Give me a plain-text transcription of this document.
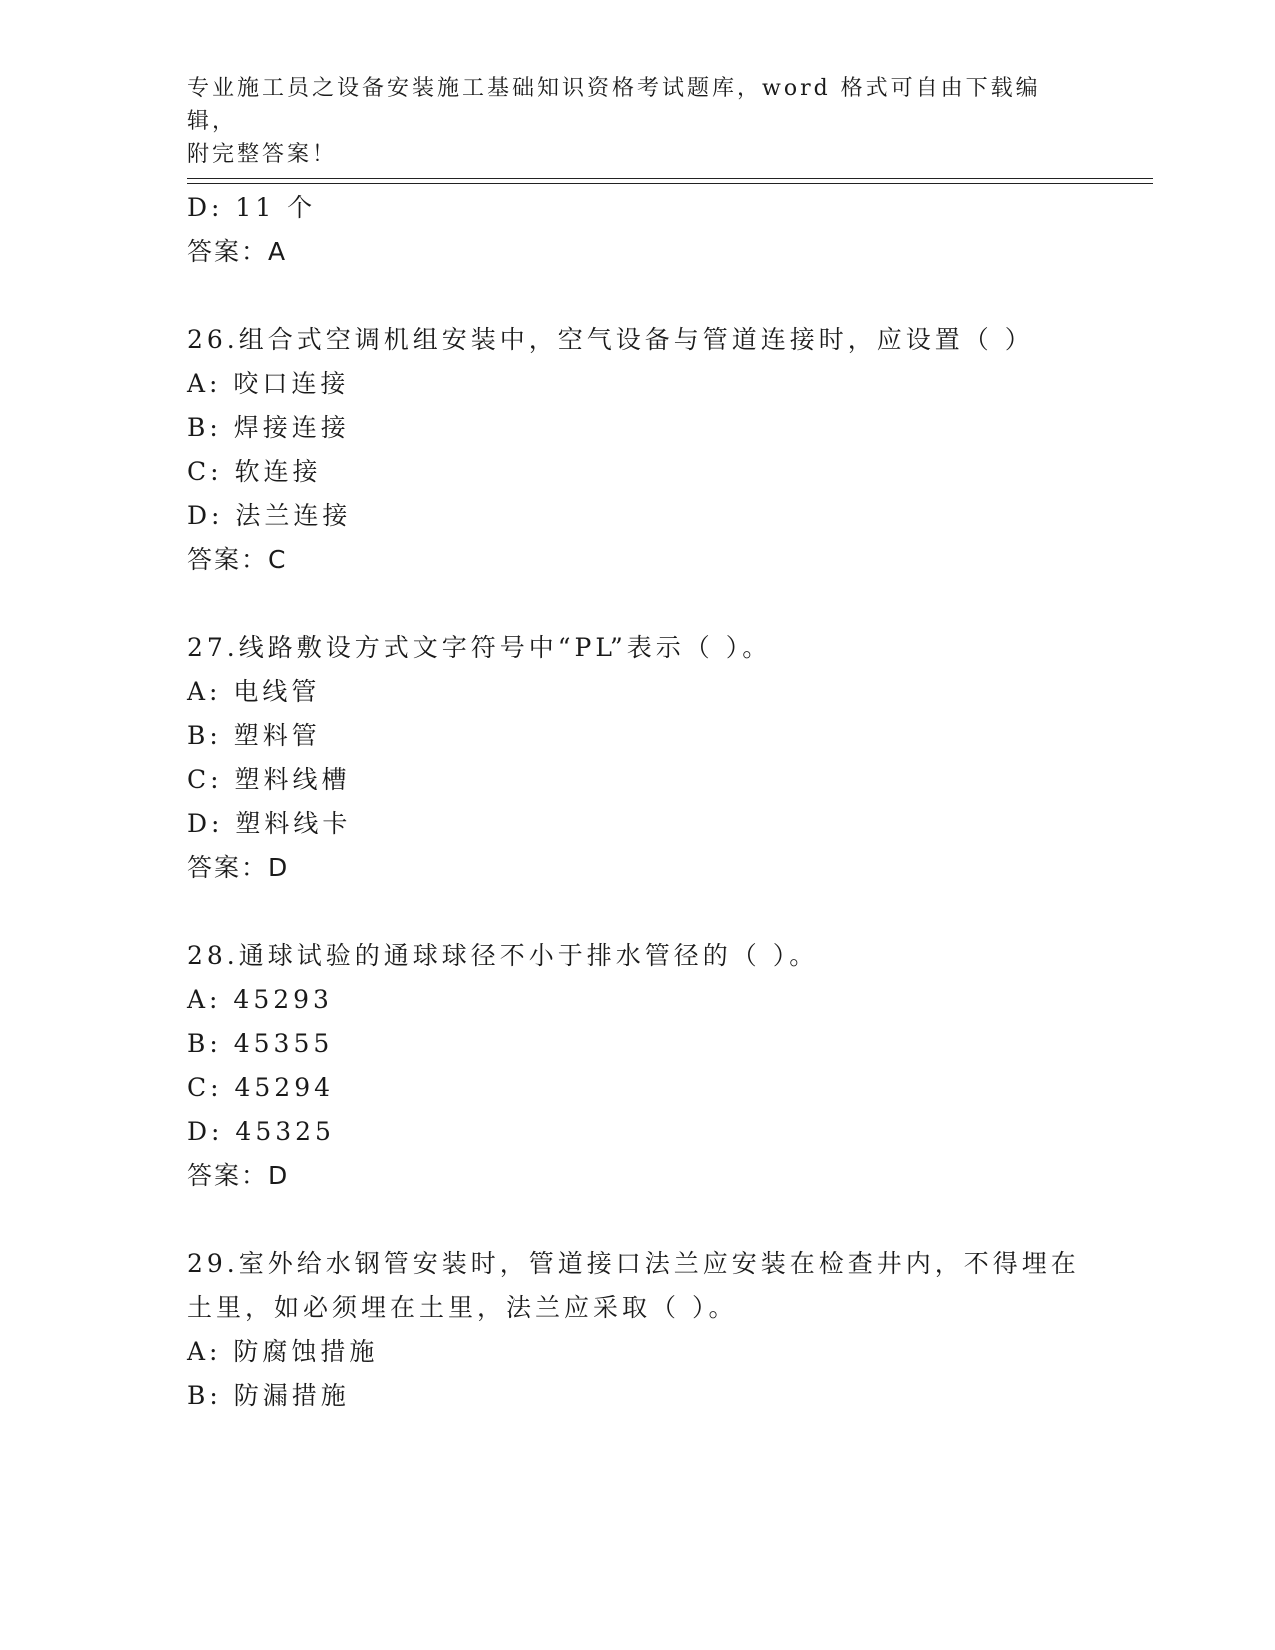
专业施工员之设备安装施工基础知识资格考试题库，word 格式可自由下载编辑，
附完整答案！
D: 11 个
答案：A
26.组合式空调机组安装中，空气设备与管道连接时，应设置（ ）
A: 咬口连接
B: 焊接连接
C: 软连接
D: 法兰连接
答案：C
27.线路敷设方式文字符号中“PL”表示（ ）。
A: 电线管
B: 塑料管
C: 塑料线槽
D: 塑料线卡
答案：D
28.通球试验的通球球径不小于排水管径的（ ）。
A: 45293
B: 45355
C: 45294
D: 45325
答案：D
29.室外给水钢管安装时，管道接口法兰应安装在检查井内，不得埋在
土里，如必须埋在土里，法兰应采取（ ）。
A: 防腐蚀措施
B: 防漏措施
